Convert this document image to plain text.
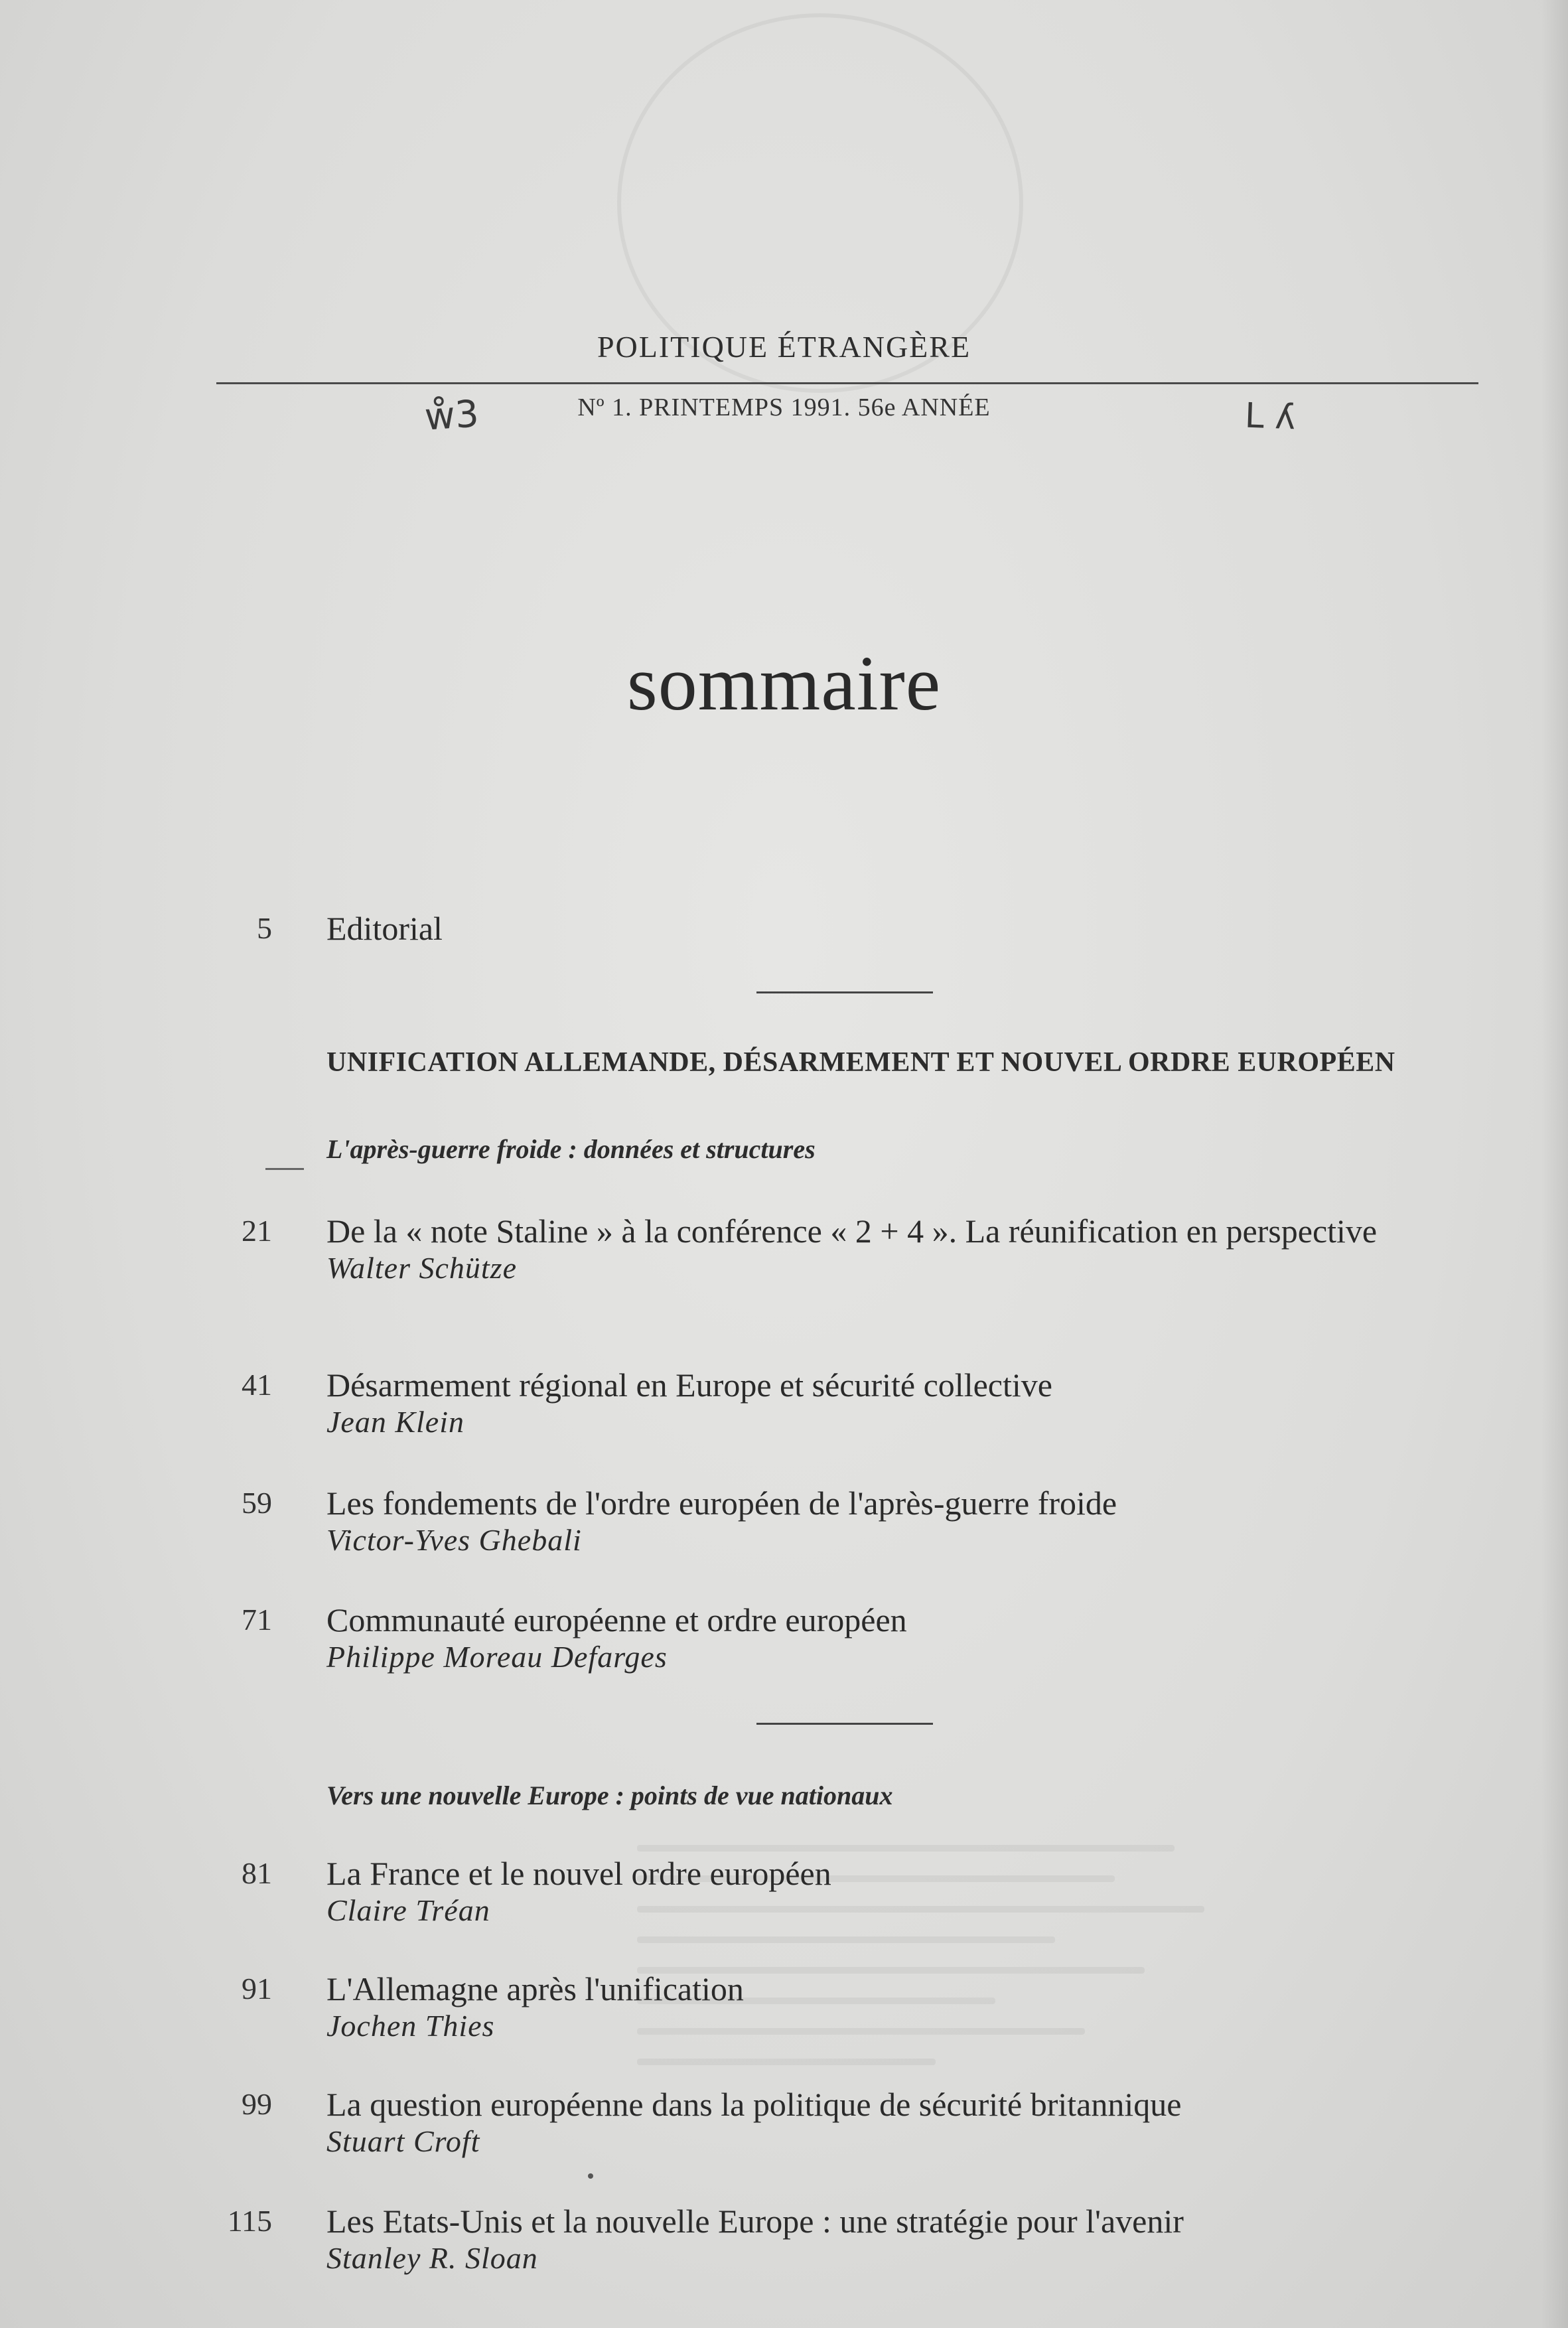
POLITIQUE ÉTRANGÈRE
Nº 1. PRINTEMPS 1991. 56e ANNÉE
ẘ3	L ʎ
sommaire
5 Editorial
UNIFICATION ALLEMANDE, DÉSARMEMENT ET NOUVEL ORDRE EUROPÉEN
L'après-guerre froide : données et structures
21 De la « note Staline » à la conférence « 2 + 4 ». La réunification en perspective
Walter Schütze
41 Désarmement régional en Europe et sécurité collective
Jean Klein
59 Les fondements de l'ordre européen de l'après-guerre froide
Victor-Yves Ghebali
71 Communauté européenne et ordre européen
Philippe Moreau Defarges
Vers une nouvelle Europe : points de vue nationaux
81 La France et le nouvel ordre européen
Claire Tréan
91 L'Allemagne après l'unification
Jochen Thies
99 La question européenne dans la politique de sécurité britannique
Stuart Croft
115 Les Etats-Unis et la nouvelle Europe : une stratégie pour l'avenir
Stanley R. Sloan
